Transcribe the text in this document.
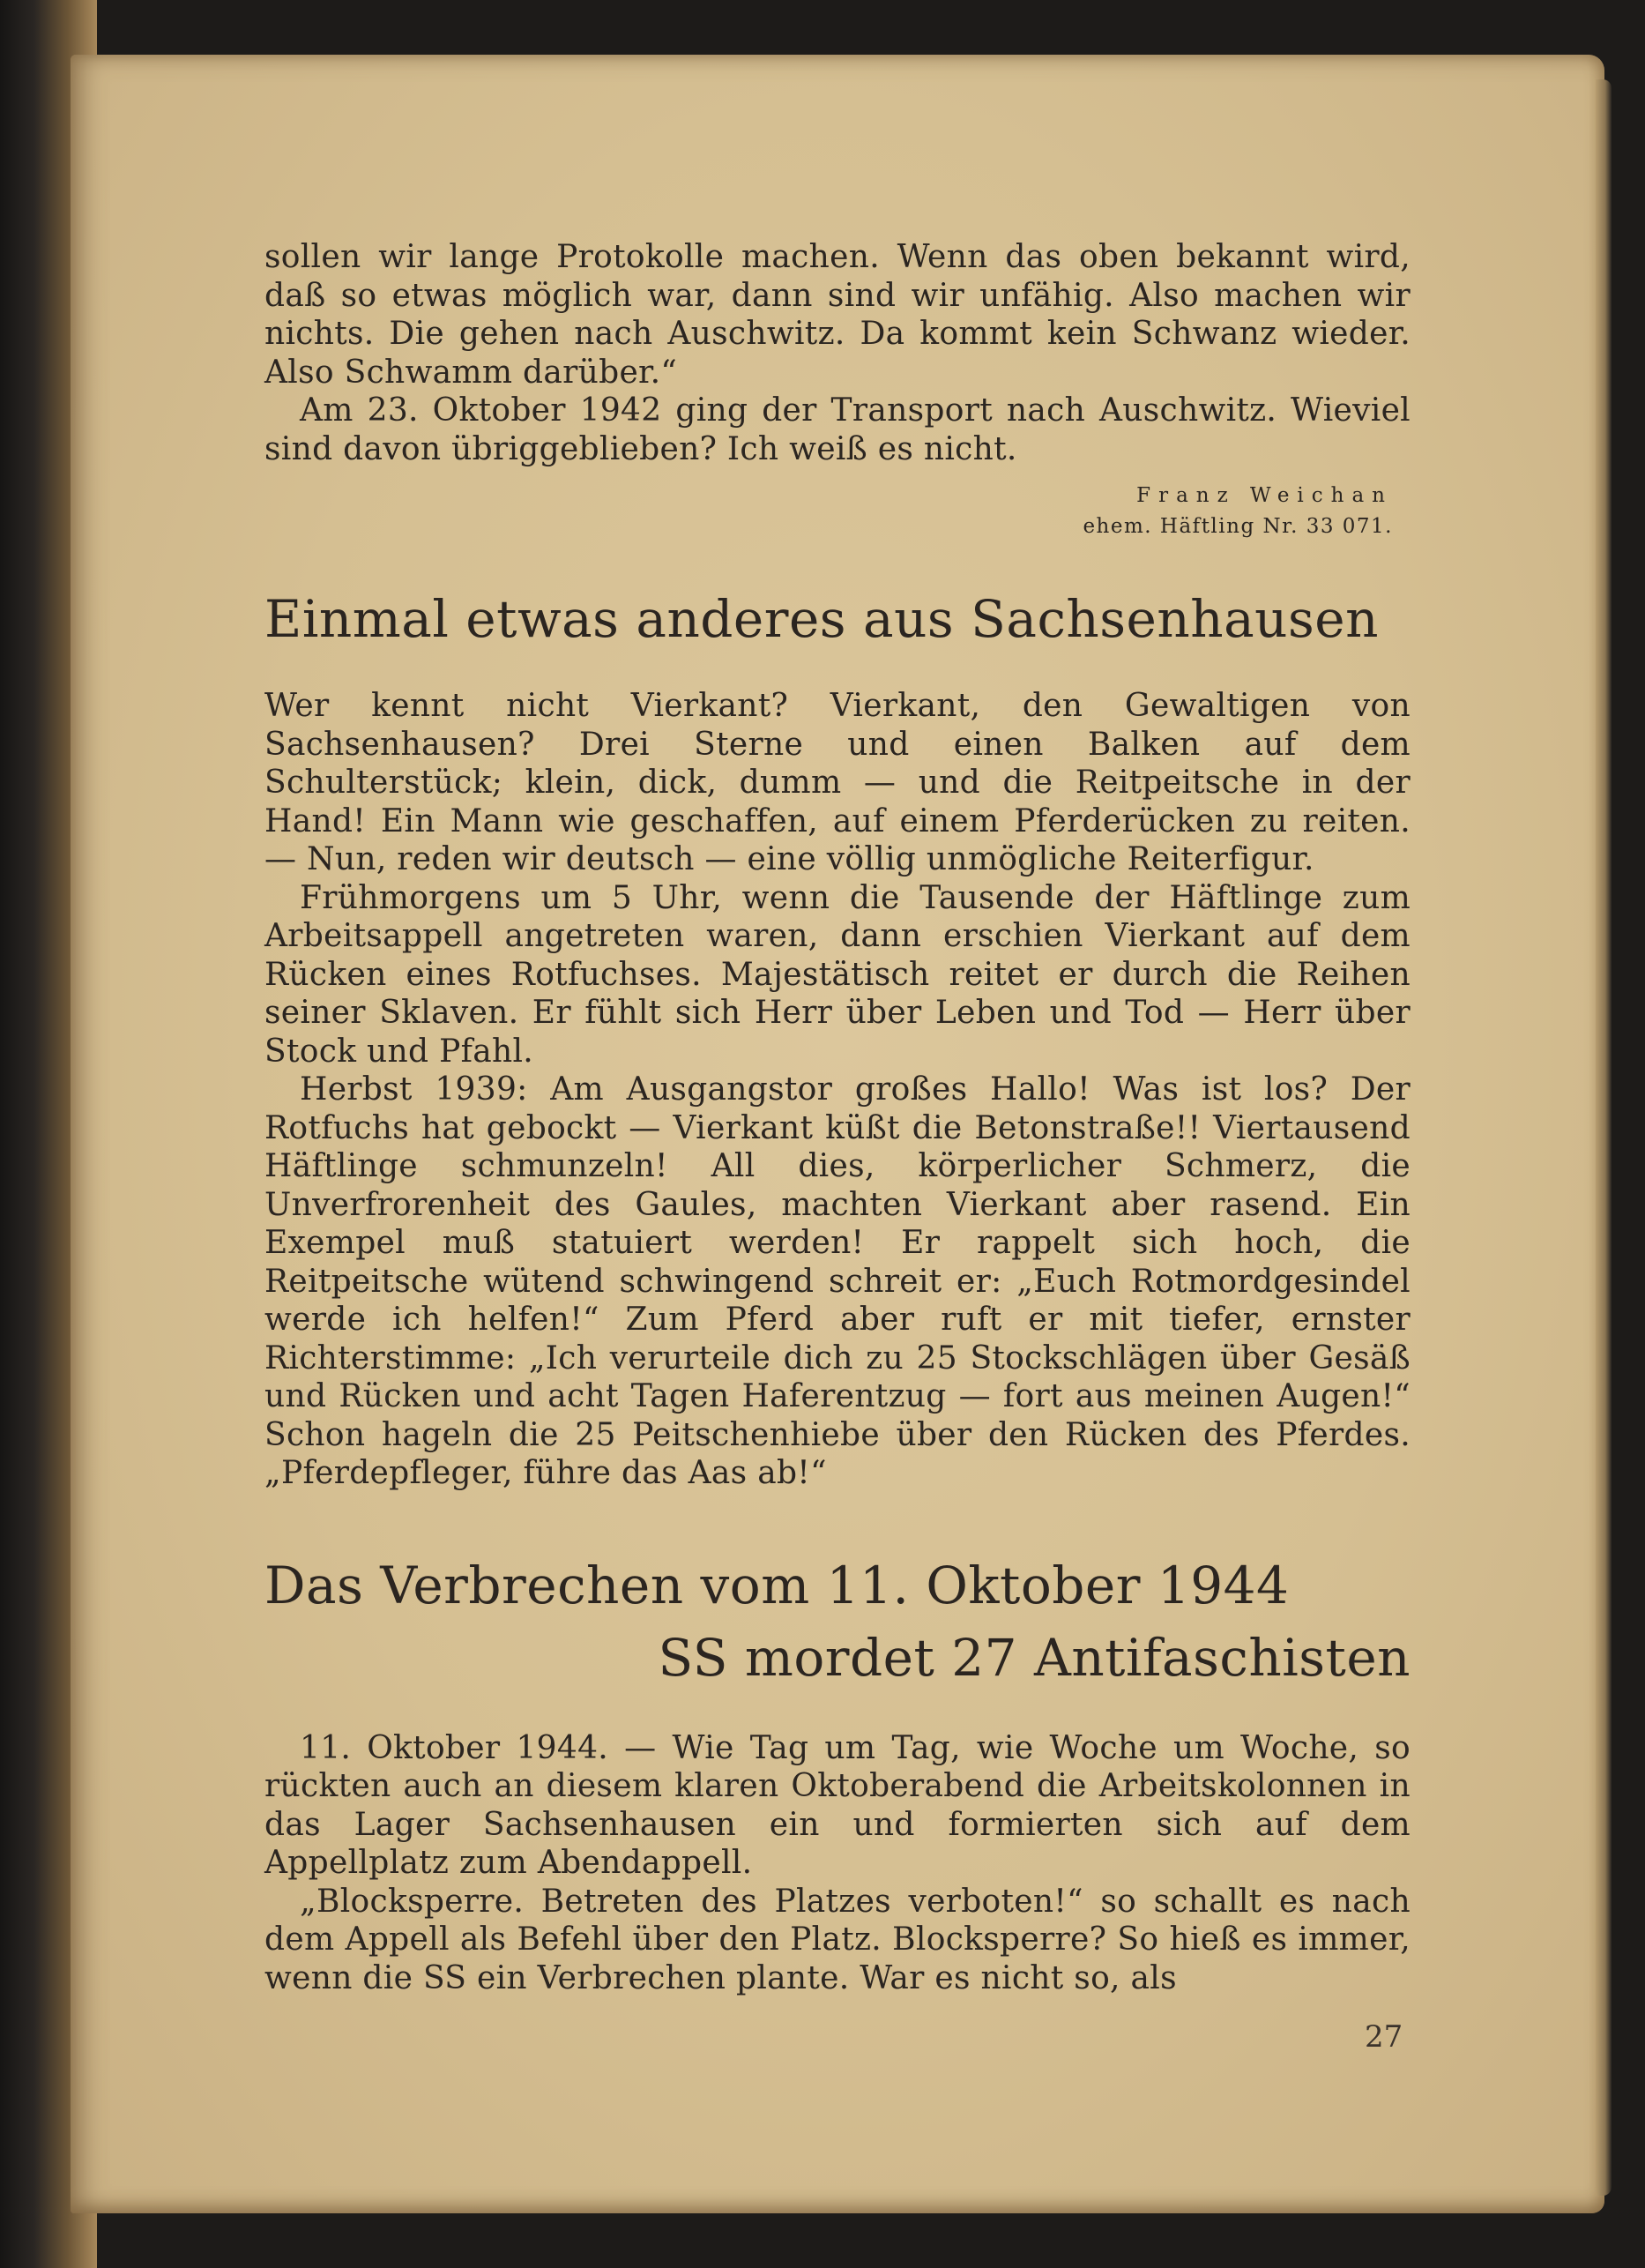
sollen wir lange Protokolle machen. Wenn das oben bekannt wird, daß so etwas möglich war, dann sind wir unfähig. Also machen wir nichts. Die gehen nach Auschwitz. Da kommt kein Schwanz wieder. Also Schwamm darüber.“

Am 23. Oktober 1942 ging der Transport nach Auschwitz. Wieviel sind davon übriggeblieben? Ich weiß es nicht.

Franz Weichan
ehem. Häftling Nr. 33 071.
Einmal etwas anderes aus Sachsenhausen

Wer kennt nicht Vierkant? Vierkant, den Gewaltigen von Sachsenhausen? Drei Sterne und einen Balken auf dem Schulterstück; klein, dick, dumm — und die Reitpeitsche in der Hand! Ein Mann wie geschaffen, auf einem Pferderücken zu reiten. — Nun, reden wir deutsch — eine völlig unmögliche Reiterfigur.

Frühmorgens um 5 Uhr, wenn die Tausende der Häftlinge zum Arbeitsappell angetreten waren, dann erschien Vierkant auf dem Rücken eines Rotfuchses. Majestätisch reitet er durch die Reihen seiner Sklaven. Er fühlt sich Herr über Leben und Tod — Herr über Stock und Pfahl.

Herbst 1939: Am Ausgangstor großes Hallo! Was ist los? Der Rotfuchs hat gebockt — Vierkant küßt die Betonstraße!! Viertausend Häftlinge schmunzeln! All dies, körperlicher Schmerz, die Unverfrorenheit des Gaules, machten Vierkant aber rasend. Ein Exempel muß statuiert werden! Er rappelt sich hoch, die Reitpeitsche wütend schwingend schreit er: „Euch Rotmordgesindel werde ich helfen!“ Zum Pferd aber ruft er mit tiefer, ernster Richterstimme: „Ich verurteile dich zu 25 Stockschlägen über Gesäß und Rücken und acht Tagen Haferentzug — fort aus meinen Augen!“ Schon hageln die 25 Peitschenhiebe über den Rücken des Pferdes. „Pferdepfleger, führe das Aas ab!“

Das Verbrechen vom 11. Oktober 1944
SS mordet 27 Antifaschisten

11. Oktober 1944. — Wie Tag um Tag, wie Woche um Woche, so rückten auch an diesem klaren Oktoberabend die Arbeitskolonnen in das Lager Sachsenhausen ein und formierten sich auf dem Appellplatz zum Abendappell.

„Blocksperre. Betreten des Platzes verboten!“ so schallt es nach dem Appell als Befehl über den Platz. Blocksperre? So hieß es immer, wenn die SS ein Verbrechen plante. War es nicht so, als

27
